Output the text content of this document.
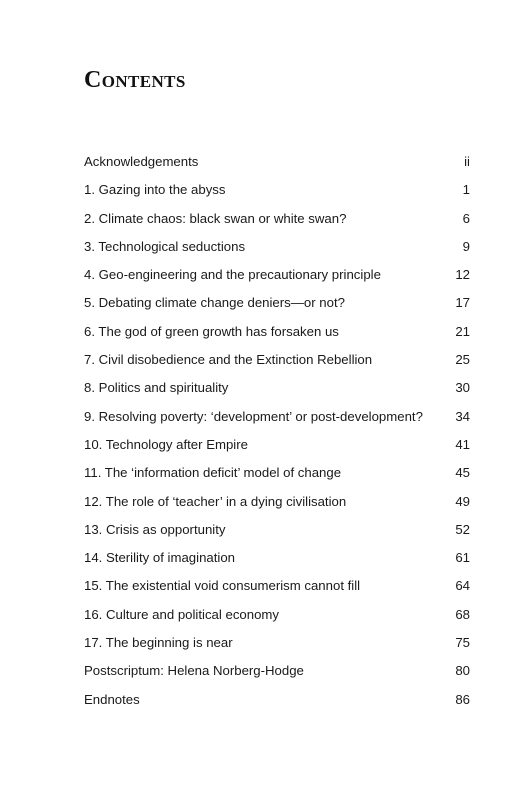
Contents
Acknowledgements	ii
1. Gazing into the abyss	1
2. Climate chaos: black swan or white swan?	6
3. Technological seductions	9
4. Geo-engineering and the precautionary principle	12
5. Debating climate change deniers—or not?	17
6. The god of green growth has forsaken us	21
7. Civil disobedience and the Extinction Rebellion	25
8. Politics and spirituality	30
9. Resolving poverty: ‘development’ or post-development?	34
10. Technology after Empire	41
11. The ‘information deficit’ model of change	45
12. The role of ‘teacher’ in a dying civilisation	49
13. Crisis as opportunity	52
14. Sterility of imagination	61
15. The existential void consumerism cannot fill	64
16. Culture and political economy	68
17. The beginning is near	75
Postscriptum: Helena Norberg-Hodge	80
Endnotes	86
